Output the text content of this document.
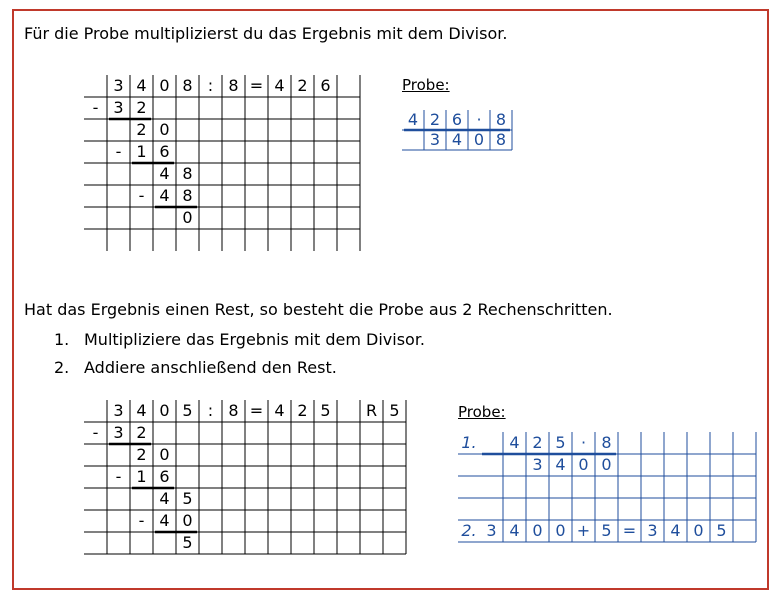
Für die Probe multiplizierst du das Ergebnis mit dem Divisor.
3 4 0 8 : 8 = 4 2 6
- 3 2
2 0
- 1 6
4 8
- 4 8
0
Probe:
4 2 6 · 8
3 4 0 8
Hat das Ergebnis einen Rest, so besteht die Probe aus 2 Rechenschritten.
1. Multipliziere das Ergebnis mit dem Divisor.
2. Addiere anschließend den Rest.
3 4 0 5 : 8 = 4 2 5	R 5
- 3 2
2 0
- 1 6
4 5
- 4 0
5
Probe:
4 2 5 · 8
3 4 0 0
3 4 0 0 + 5 = 3 4 0 5
1.
2.
